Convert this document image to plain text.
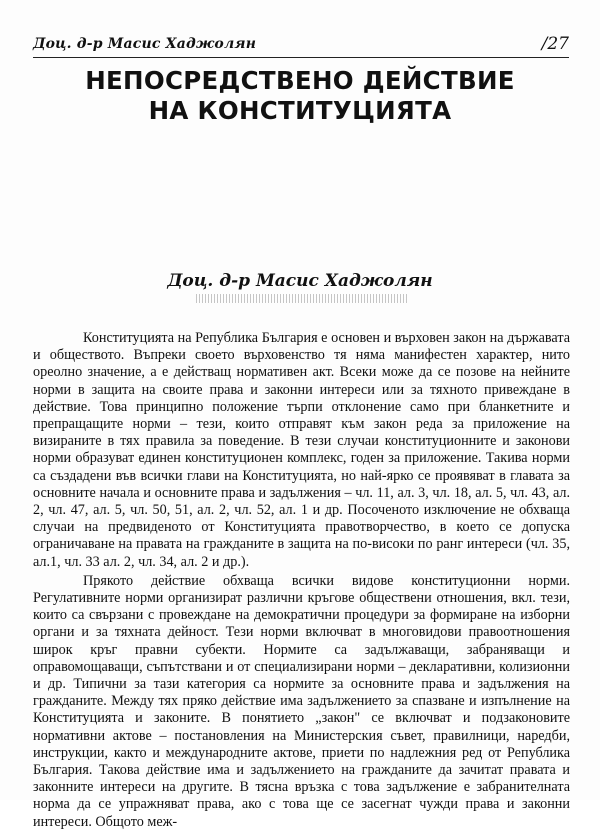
Доц. д-р Масис Хаджолян	/27
НЕПОСРЕДСТВЕНО ДЕЙСТВИЕ
НА КОНСТИТУЦИЯТА
Доц. д-р Масис Хаджолян

Конституцията на Република България е основен и върховен закон на държавата и обществото. Въпреки своето върховенство тя няма манифестен характер, нито ореолно значение, а е действащ нормативен акт. Всеки може да се позове на нейните норми в защита на своите права и законни интереси или за тяхното привеждане в действие. Това принципно положение търпи отклонение само при бланкетните и препращащите норми – тези, които отправят към закон реда за приложение на визираните в тях правила за поведение. В тези случаи конституционните и законови норми образуват единен конституционен комплекс, годен за приложение. Такива норми са създадени във всички глави на Конституцията, но най-ярко се проявяват в главата за основните начала и основните права и задължения – чл. 11, ал. 3, чл. 18, ал. 5, чл. 43, ал. 2, чл. 47, ал. 5, чл. 50, 51, ал. 2, чл. 52, ал. 1 и др. Посоченото изключение не обхваща случаи на предвиденото от Конституцията правотворчество, в което се допуска ограничаване на правата на гражданите в защита на по-високи по ранг интереси (чл. 35, ал.1, чл. 33 ал. 2, чл. 34, ал. 2 и др.).

Прякото действие обхваща всички видове конституционни норми. Регулативните норми организират различни кръгове обществени отношения, вкл. тези, които са свързани с провеждане на демократични процедури за формиране на изборни органи и за тяхната дейност. Тези норми включват в многовидови правоотношения широк кръг правни субекти. Нормите са задължаващи, забраняващи и оправомощаващи, съпътствани и от специализирани норми – декларативни, колизионни и др. Типични за тази категория са нормите за основните права и задължения на гражданите. Между тях пряко действие има задължението за спазване и изпълнение на Конституцията и законите. В понятието „закон" се включват и подзаконовите нормативни актове – постановления на Министерския съвет, правилници, наредби, инструкции, както и международните актове, приети по надлежния ред от Република България. Такова действие има и задължението на гражданите да зачитат правата и законните интереси на другите. В тясна връзка с това задължение е забранителната норма да се упражняват права, ако с това ще се засегнат чужди права и законни интереси. Общото меж-
